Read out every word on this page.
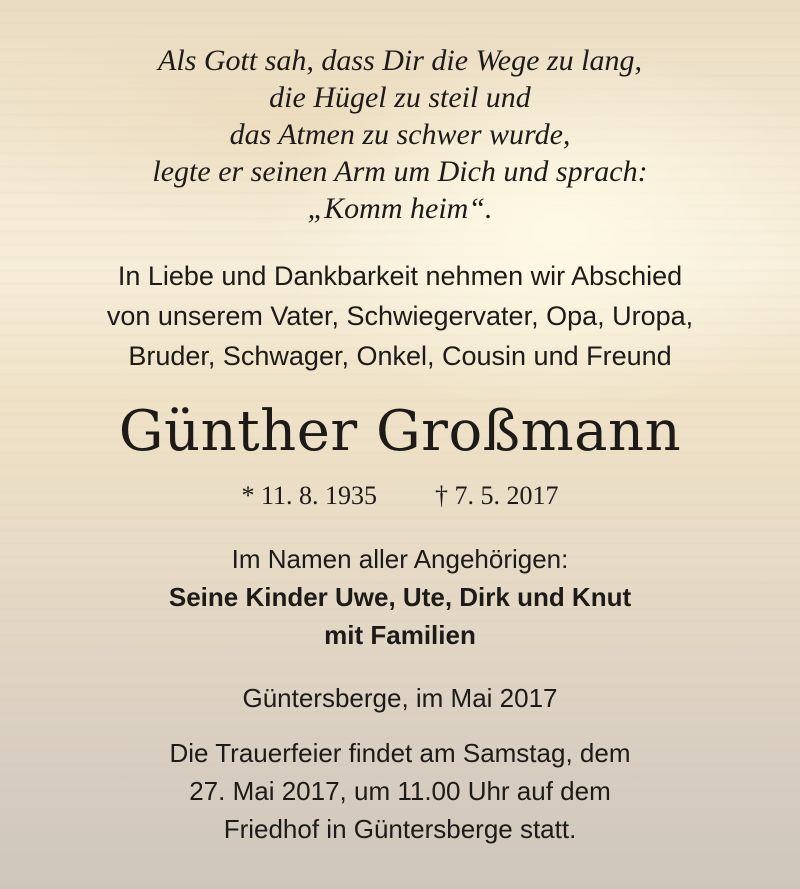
Als Gott sah, dass Dir die Wege zu lang,
die Hügel zu steil und
das Atmen zu schwer wurde,
legte er seinen Arm um Dich und sprach:
„Komm heim“.
In Liebe und Dankbarkeit nehmen wir Abschied
von unserem Vater, Schwiegervater, Opa, Uropa,
Bruder, Schwager, Onkel, Cousin und Freund
Günther Großmann
* 11. 8. 1935 † 7. 5. 2017
Im Namen aller Angehörigen:
Seine Kinder Uwe, Ute, Dirk und Knut
mit Familien
Güntersberge, im Mai 2017
Die Trauerfeier findet am Samstag, dem
27. Mai 2017, um 11.00 Uhr auf dem
Friedhof in Güntersberge statt.
